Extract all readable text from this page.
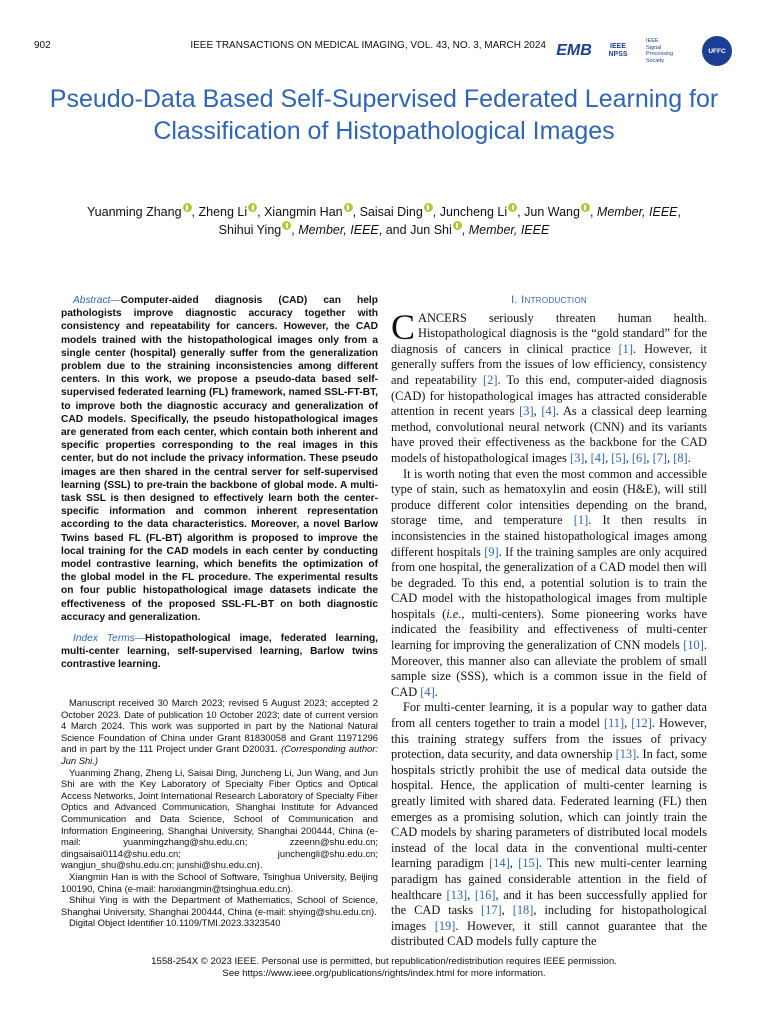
902	IEEE TRANSACTIONS ON MEDICAL IMAGING, VOL. 43, NO. 3, MARCH 2024 EMB	IEEE
NPSS
IEEE
Signal
Processing
Society
UFFC
Pseudo-Data Based Self-Supervised Federated Learning for Classification of Histopathological Images
Yuanming Zhang , Zheng Li , Xiangmin Han , Saisai Ding , Juncheng Li , Jun Wang , Member, IEEE,
Shihui Ying , Member, IEEE, and Jun Shi , Member, IEEE

Abstract—Computer-aided diagnosis (CAD) can help pathologists improve diagnostic accuracy together with consistency and repeatability for cancers. However, the CAD models trained with the histopathological images only from a single center (hospital) generally suffer from the generalization problem due to the straining inconsistencies among different centers. In this work, we propose a pseudo-data based self-supervised federated learning (FL) framework, named SSL-FT-BT, to improve both the diagnostic accuracy and generalization of CAD models. Specifically, the pseudo histopathological images are generated from each center, which contain both inherent and specific properties corresponding to the real images in this center, but do not include the privacy information. These pseudo images are then shared in the central server for self-supervised learning (SSL) to pre-train the backbone of global mode. A multi-task SSL is then designed to effectively learn both the center-specific information and common inherent representation according to the data characteristics. Moreover, a novel Barlow Twins based FL (FL-BT) algorithm is proposed to improve the local training for the CAD models in each center by conducting model contrastive learning, which benefits the optimization of the global model in the FL procedure. The experimental results on four public histopathological image datasets indicate the effectiveness of the proposed SSL-FL-BT on both diagnostic accuracy and generalization.

Index Terms—Histopathological image, federated learning, multi-center learning, self-supervised learning, Barlow twins contrastive learning.

Manuscript received 30 March 2023; revised 5 August 2023; accepted 2 October 2023. Date of publication 10 October 2023; date of current version 4 March 2024. This work was supported in part by the National Natural Science Foundation of China under Grant 81830058 and Grant 11971296 and in part by the 111 Project under Grant D20031. (Corresponding author: Jun Shi.)

Yuanming Zhang, Zheng Li, Saisai Ding, Juncheng Li, Jun Wang, and Jun Shi are with the Key Laboratory of Specialty Fiber Optics and Optical Access Networks, Joint International Research Laboratory of Specialty Fiber Optics and Advanced Communication, Shanghai Institute for Advanced Communication and Data Science, School of Communication and Information Engineering, Shanghai University, Shanghai 200444, China (e-mail: yuanmingzhang@shu.edu.cn; zzeenn@shu.edu.cn; dingsaisai0114@shu.edu.cn; junchengli@shu.edu.cn; wangjun_shu@shu.edu.cn; junshi@shu.edu.cn).

Xiangmin Han is with the School of Software, Tsinghua University, Beijing 100190, China (e-mail: hanxiangmin@tsinghua.edu.cn).

Shihui Ying is with the Department of Mathematics, School of Science, Shanghai University, Shanghai 200444, China (e-mail: shying@shu.edu.cn).

Digital Object Identifier 10.1109/TMI.2023.3323540

I. Introduction

CANCERS seriously threaten human health. Histopathological diagnosis is the “gold standard” for the diagnosis of cancers in clinical practice [1]. However, it generally suffers from the issues of low efficiency, consistency and repeatability [2]. To this end, computer-aided diagnosis (CAD) for histopathological images has attracted considerable attention in recent years [3], [4]. As a classical deep learning method, convolutional neural network (CNN) and its variants have proved their effectiveness as the backbone for the CAD models of histopathological images [3], [4], [5], [6], [7], [8].

It is worth noting that even the most common and accessible type of stain, such as hematoxylin and eosin (H&E), will still produce different color intensities depending on the brand, storage time, and temperature [1]. It then results in inconsistencies in the stained histopathological images among different hospitals [9]. If the training samples are only acquired from one hospital, the generalization of a CAD model then will be degraded. To this end, a potential solution is to train the CAD model with the histopathological images from multiple hospitals (i.e., multi-centers). Some pioneering works have indicated the feasibility and effectiveness of multi-center learning for improving the generalization of CNN models [10]. Moreover, this manner also can alleviate the problem of small sample size (SSS), which is a common issue in the field of CAD [4].

For multi-center learning, it is a popular way to gather data from all centers together to train a model [11], [12]. However, this training strategy suffers from the issues of privacy protection, data security, and data ownership [13]. In fact, some hospitals strictly prohibit the use of medical data outside the hospital. Hence, the application of multi-center learning is greatly limited with shared data. Federated learning (FL) then emerges as a promising solution, which can jointly train the CAD models by sharing parameters of distributed local models instead of the local data in the conventional multi-center learning paradigm [14], [15]. This new multi-center learning paradigm has gained considerable attention in the field of healthcare [13], [16], and it has been successfully applied for the CAD tasks [17], [18], including for histopathological images [19]. However, it still cannot guarantee that the distributed CAD models fully capture the

1558-254X © 2023 IEEE. Personal use is permitted, but republication/redistribution requires IEEE permission.
See https://www.ieee.org/publications/rights/index.html for more information.
